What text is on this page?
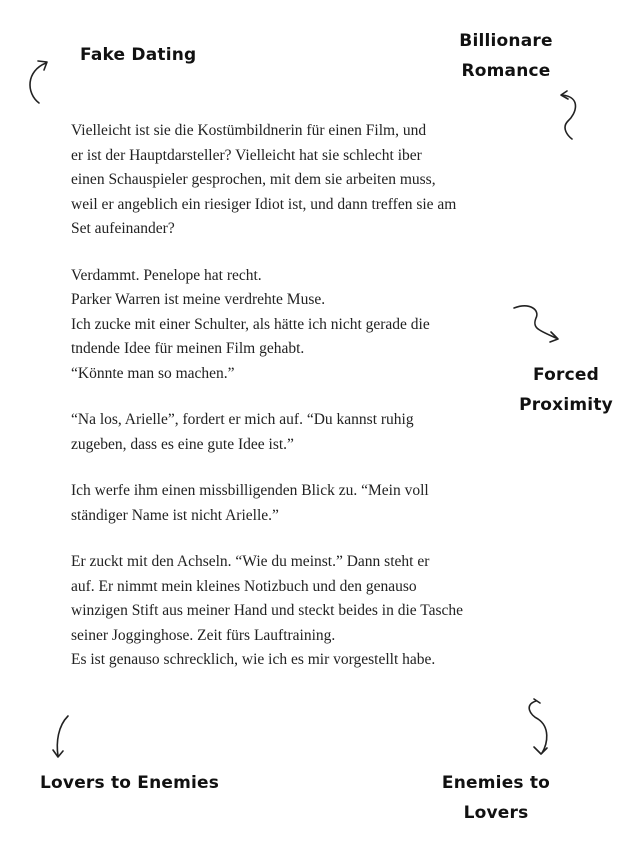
Fake Dating
Billionare
Romance
Forced
Proximity
Lovers to Enemies	Enemies to
Lovers

Vielleicht ist sie die Kostümbildnerin für einen Film, und
er ist der Hauptdarsteller? Vielleicht hat sie schlecht iber
einen Schauspieler gesprochen, mit dem sie arbeiten muss,
weil er angeblich ein riesiger Idiot ist, und dann treffen sie am
Set aufeinander?

Verdammt. Penelope hat recht.
Parker Warren ist meine verdrehte Muse.
Ich zucke mit einer Schulter, als hätte ich nicht gerade die
tndende Idee für meinen Film gehabt.
“Könnte man so machen.”

“Na los, Arielle”, fordert er mich auf. “Du kannst ruhig
zugeben, dass es eine gute Idee ist.”

Ich werfe ihm einen missbilligenden Blick zu. “Mein voll
ständiger Name ist nicht Arielle.”

Er zuckt mit den Achseln. “Wie du meinst.” Dann steht er
auf. Er nimmt mein kleines Notizbuch und den genauso
winzigen Stift aus meiner Hand und steckt beides in die Tasche
seiner Jogginghose. Zeit fürs Lauftraining.
Es ist genauso schrecklich, wie ich es mir vorgestellt habe.
